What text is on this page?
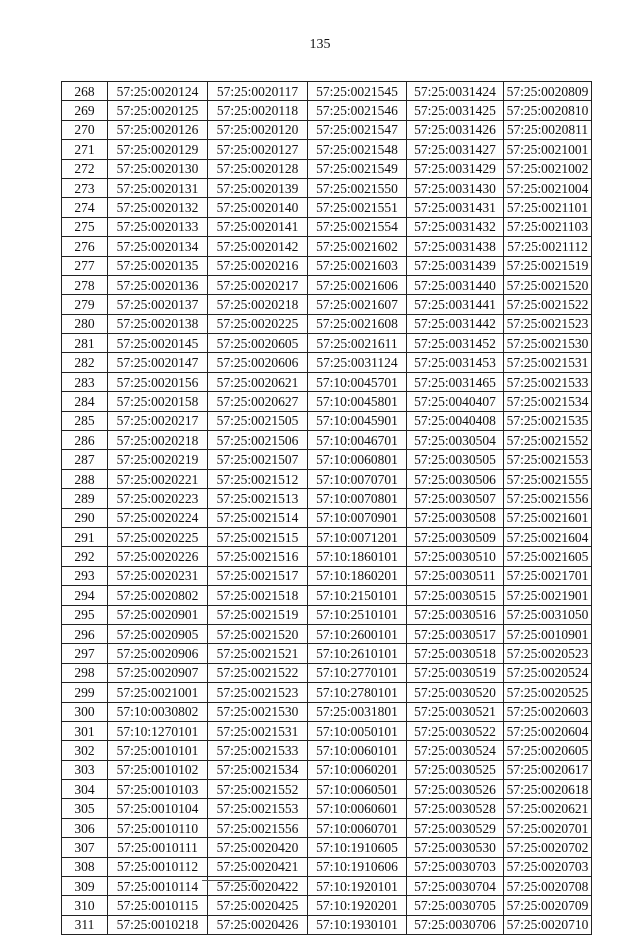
135
268	57:25:0020124	57:25:0020117	57:25:0021545	57:25:0031424	57:25:0020809
269	57:25:0020125	57:25:0020118	57:25:0021546	57:25:0031425	57:25:0020810
270	57:25:0020126	57:25:0020120	57:25:0021547	57:25:0031426	57:25:0020811
271	57:25:0020129	57:25:0020127	57:25:0021548	57:25:0031427	57:25:0021001
272	57:25:0020130	57:25:0020128	57:25:0021549	57:25:0031429	57:25:0021002
273	57:25:0020131	57:25:0020139	57:25:0021550	57:25:0031430	57:25:0021004
274	57:25:0020132	57:25:0020140	57:25:0021551	57:25:0031431	57:25:0021101
275	57:25:0020133	57:25:0020141	57:25:0021554	57:25:0031432	57:25:0021103
276	57:25:0020134	57:25:0020142	57:25:0021602	57:25:0031438	57:25:0021112
277	57:25:0020135	57:25:0020216	57:25:0021603	57:25:0031439	57:25:0021519
278	57:25:0020136	57:25:0020217	57:25:0021606	57:25:0031440	57:25:0021520
279	57:25:0020137	57:25:0020218	57:25:0021607	57:25:0031441	57:25:0021522
280	57:25:0020138	57:25:0020225	57:25:0021608	57:25:0031442	57:25:0021523
281	57:25:0020145	57:25:0020605	57:25:0021611	57:25:0031452	57:25:0021530
282	57:25:0020147	57:25:0020606	57:25:0031124	57:25:0031453	57:25:0021531
283	57:25:0020156	57:25:0020621	57:10:0045701	57:25:0031465	57:25:0021533
284	57:25:0020158	57:25:0020627	57:10:0045801	57:25:0040407	57:25:0021534
285	57:25:0020217	57:25:0021505	57:10:0045901	57:25:0040408	57:25:0021535
286	57:25:0020218	57:25:0021506	57:10:0046701	57:25:0030504	57:25:0021552
287	57:25:0020219	57:25:0021507	57:10:0060801	57:25:0030505	57:25:0021553
288	57:25:0020221	57:25:0021512	57:10:0070701	57:25:0030506	57:25:0021555
289	57:25:0020223	57:25:0021513	57:10:0070801	57:25:0030507	57:25:0021556
290	57:25:0020224	57:25:0021514	57:10:0070901	57:25:0030508	57:25:0021601
291	57:25:0020225	57:25:0021515	57:10:0071201	57:25:0030509	57:25:0021604
292	57:25:0020226	57:25:0021516	57:10:1860101	57:25:0030510	57:25:0021605
293	57:25:0020231	57:25:0021517	57:10:1860201	57:25:0030511	57:25:0021701
294	57:25:0020802	57:25:0021518	57:10:2150101	57:25:0030515	57:25:0021901
295	57:25:0020901	57:25:0021519	57:10:2510101	57:25:0030516	57:25:0031050
296	57:25:0020905	57:25:0021520	57:10:2600101	57:25:0030517	57:25:0010901
297	57:25:0020906	57:25:0021521	57:10:2610101	57:25:0030518	57:25:0020523
298	57:25:0020907	57:25:0021522	57:10:2770101	57:25:0030519	57:25:0020524
299	57:25:0021001	57:25:0021523	57:10:2780101	57:25:0030520	57:25:0020525
300	57:10:0030802	57:25:0021530	57:25:0031801	57:25:0030521	57:25:0020603
301	57:10:1270101	57:25:0021531	57:10:0050101	57:25:0030522	57:25:0020604
302	57:25:0010101	57:25:0021533	57:10:0060101	57:25:0030524	57:25:0020605
303	57:25:0010102	57:25:0021534	57:10:0060201	57:25:0030525	57:25:0020617
304	57:25:0010103	57:25:0021552	57:10:0060501	57:25:0030526	57:25:0020618
305	57:25:0010104	57:25:0021553	57:10:0060601	57:25:0030528	57:25:0020621
306	57:25:0010110	57:25:0021556	57:10:0060701	57:25:0030529	57:25:0020701
307	57:25:0010111	57:25:0020420	57:10:1910605	57:25:0030530	57:25:0020702
308	57:25:0010112	57:25:0020421	57:10:1910606	57:25:0030703	57:25:0020703
309	57:25:0010114	57:25:0020422	57:10:1920101	57:25:0030704	57:25:0020708
310	57:25:0010115	57:25:0020425	57:10:1920201	57:25:0030705	57:25:0020709
311	57:25:0010218	57:25:0020426	57:10:1930101	57:25:0030706	57:25:0020710
